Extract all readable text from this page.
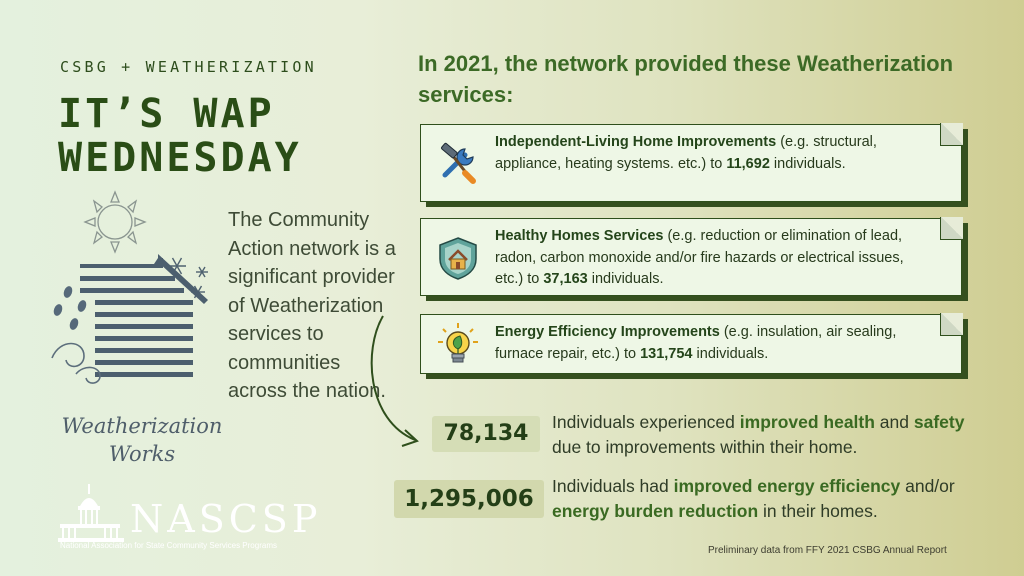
CSBG + WEATHERIZATION
IT’S WAP
WEDNESDAY
Weatherization
Works
The Community Action network is a significant provider of Weatherization services to communities across the nation.
NASCSP
National Association for State Community Services Programs
In 2021, the network provided these Weatherization services:
Independent-Living Home Improvements (e.g. structural, appliance, heating systems. etc.) to 11,692 individuals.
Healthy Homes Services (e.g. reduction or elimination of lead, radon, carbon monoxide and/or fire hazards or electrical issues, etc.) to 37,163 individuals.
Energy Efficiency Improvements (e.g. insulation, air sealing, furnace repair, etc.) to 131,754 individuals.
78,134	Individuals experienced improved health and safety due to improvements within their home.
1,295,006	Individuals had improved energy efficiency and/or energy burden reduction in their homes.
Preliminary data from FFY 2021 CSBG Annual Report
